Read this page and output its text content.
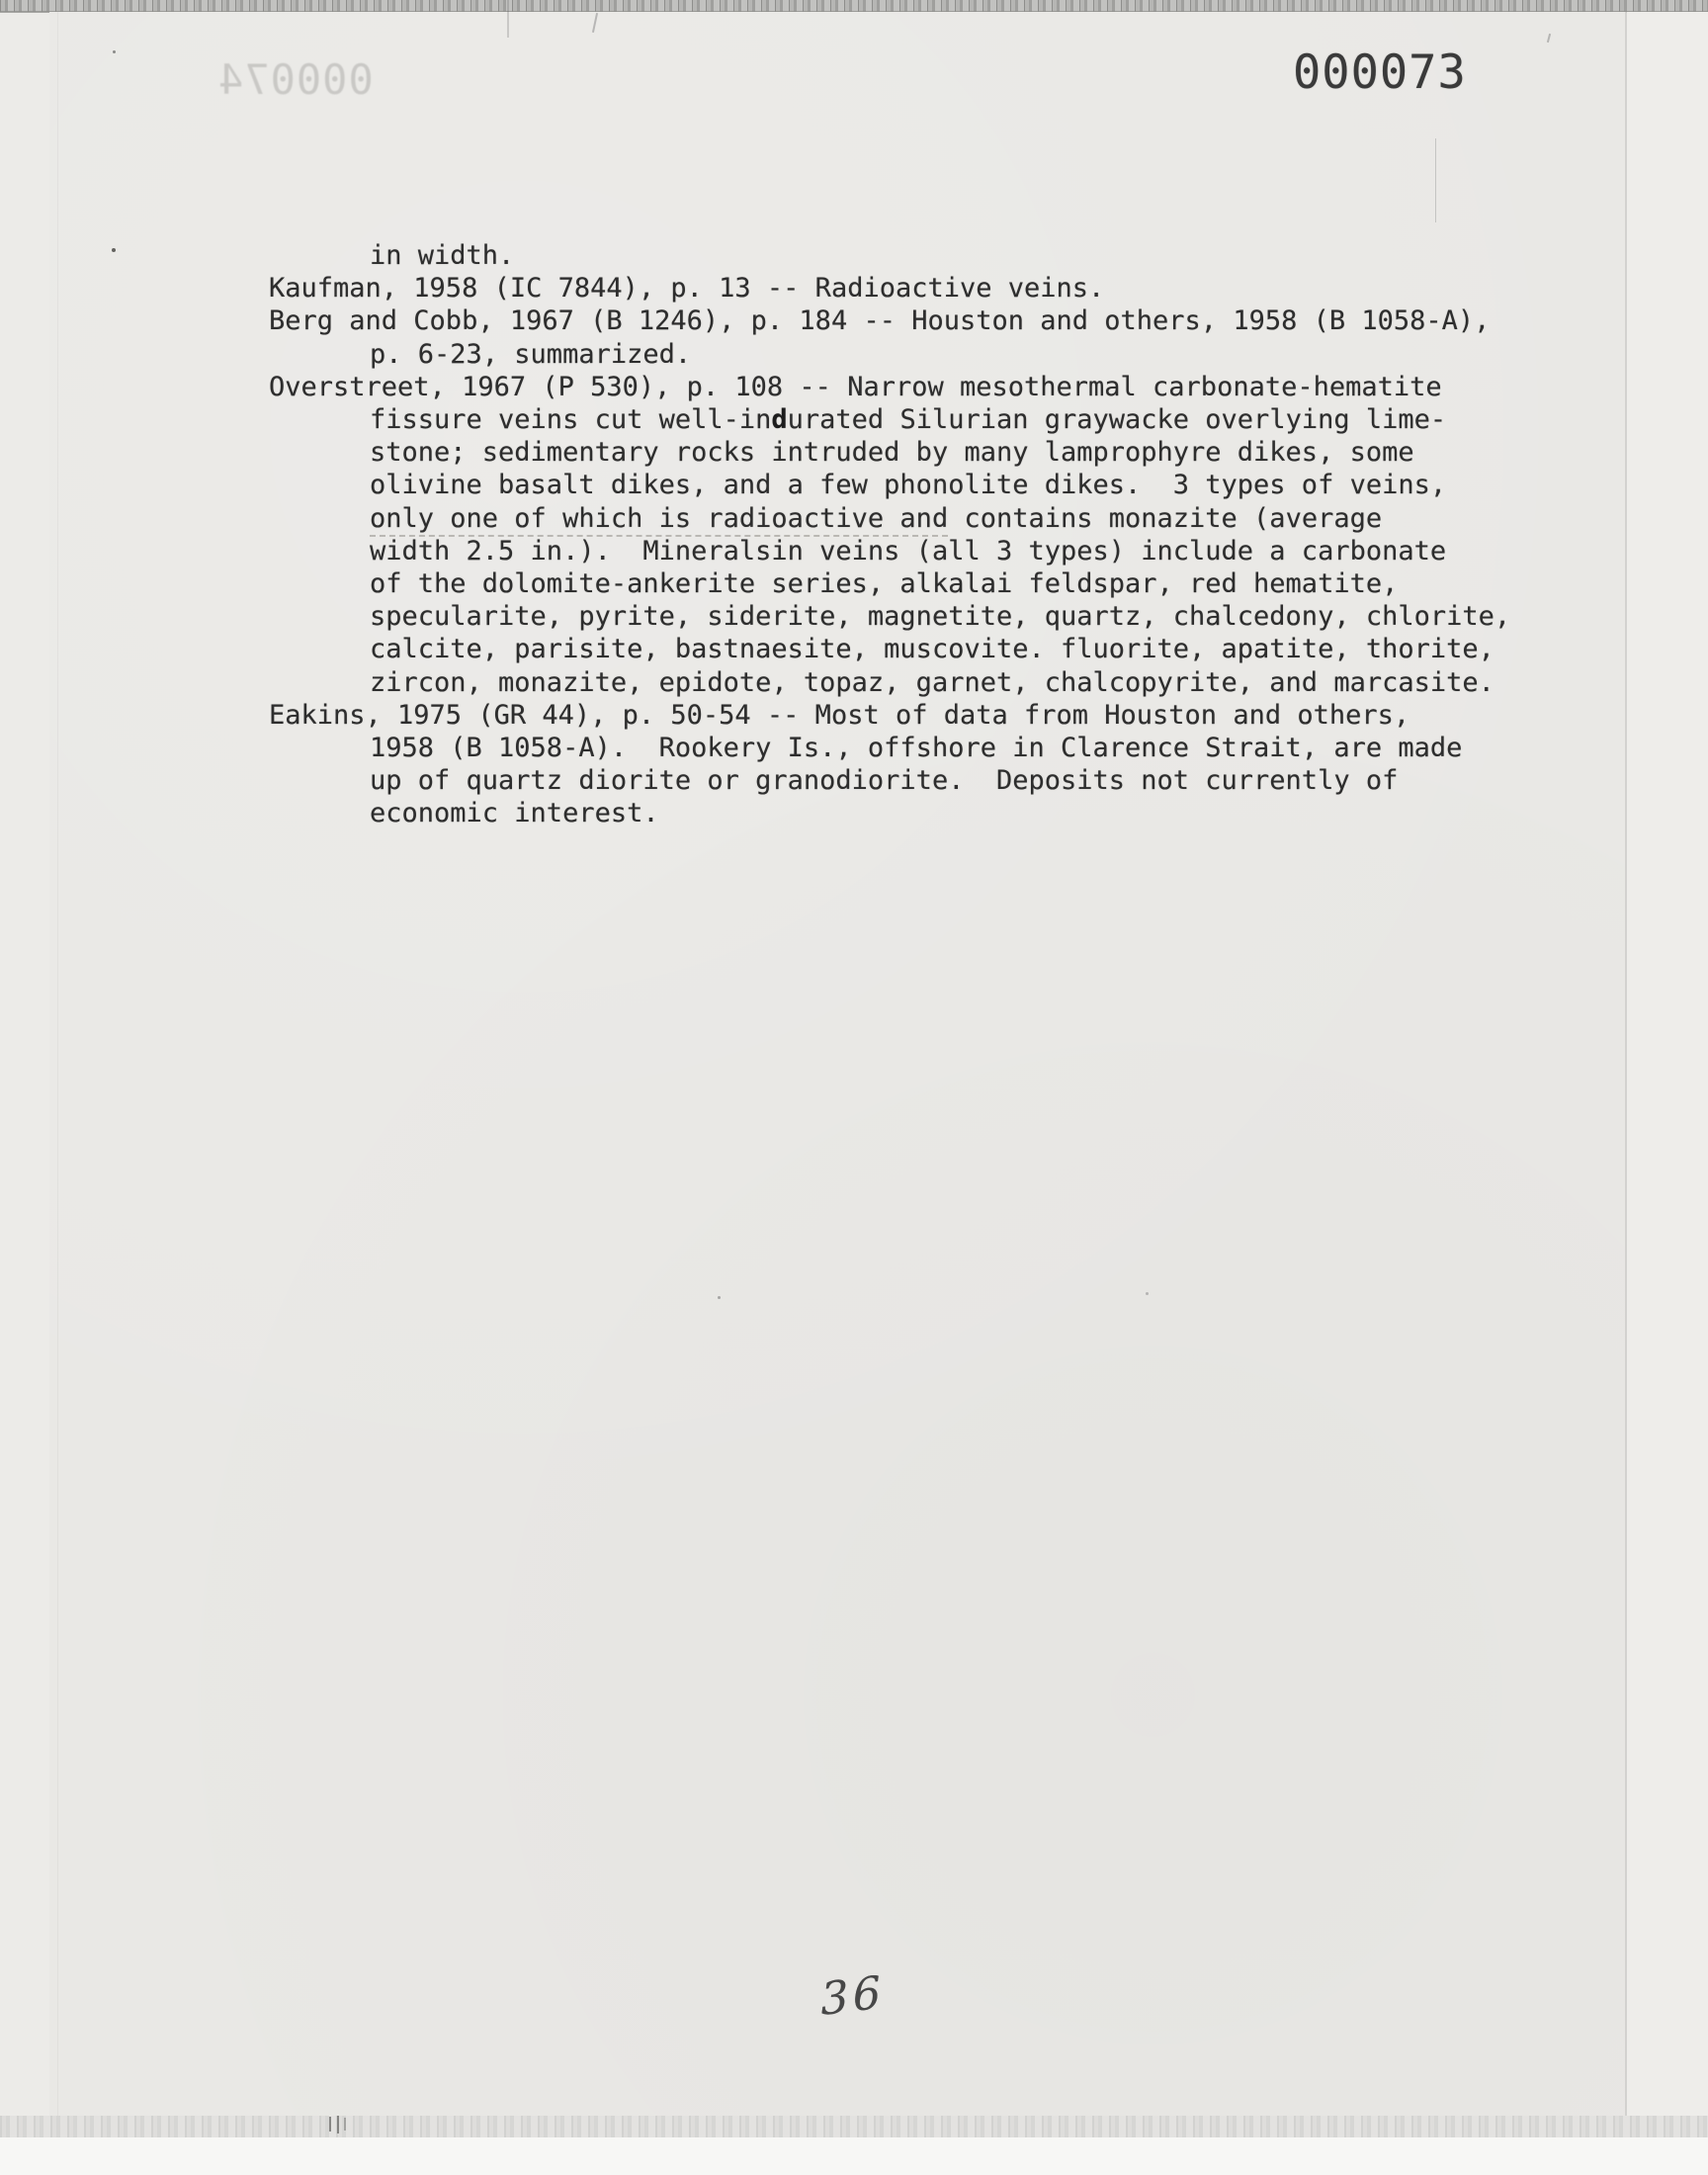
000073
000074
in width.
Kaufman, 1958 (IC 7844), p. 13 -- Radioactive veins.
Berg and Cobb, 1967 (B 1246), p. 184 -- Houston and others, 1958 (B 1058-A),
p. 6-23, summarized.
Overstreet, 1967 (P 530), p. 108 -- Narrow mesothermal carbonate-hematite
fissure veins cut well-indurated Silurian graywacke overlying lime-
stone; sedimentary rocks intruded by many lamprophyre dikes, some
olivine basalt dikes, and a few phonolite dikes.  3 types of veins,
only one of which is radioactive and contains monazite (average
width 2.5 in.).  Mineralsin veins (all 3 types) include a carbonate
of the dolomite-ankerite series, alkalai feldspar, red hematite,
specularite, pyrite, siderite, magnetite, quartz, chalcedony, chlorite,
calcite, parisite, bastnaesite, muscovite. fluorite, apatite, thorite,
zircon, monazite, epidote, topaz, garnet, chalcopyrite, and marcasite.
Eakins, 1975 (GR 44), p. 50-54 -- Most of data from Houston and others,
1958 (B 1058-A).  Rookery Is., offshore in Clarence Strait, are made
up of quartz diorite or granodiorite.  Deposits not currently of
economic interest.
36
